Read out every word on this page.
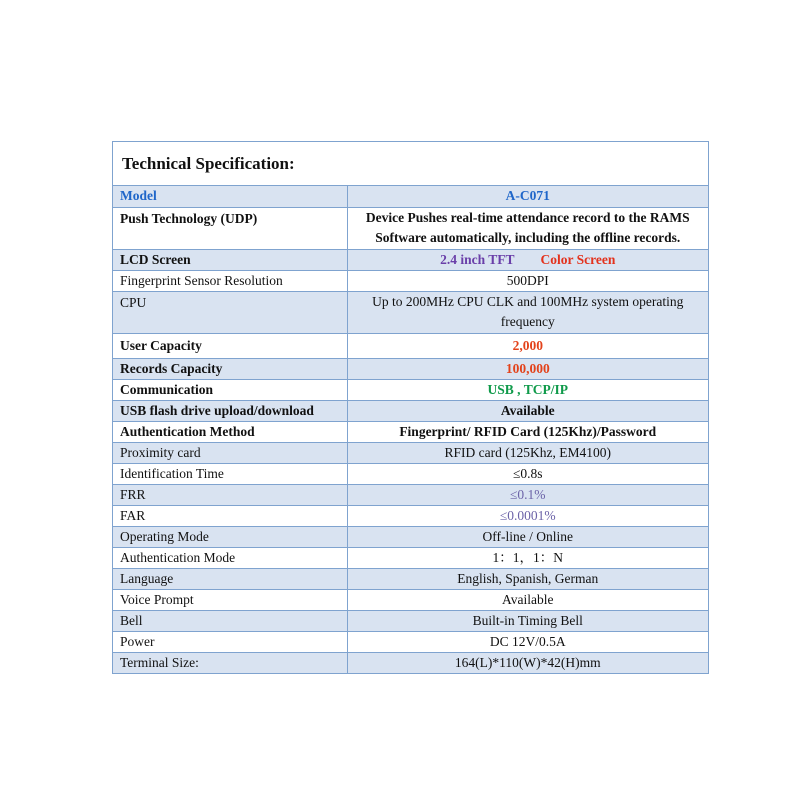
Technical Specification:
Model	A-C071
Push Technology (UDP)	Device Pushes real-time attendance record to the RAMS Software automatically, including the offline records.
LCD Screen	2.4 inch TFT Color Screen
Fingerprint Sensor Resolution	500DPI
CPU	Up to 200MHz CPU CLK and 100MHz system operating frequency
User Capacity	2,000
Records Capacity	100,000
Communication	USB , TCP/IP
USB flash drive upload/download	Available
Authentication Method	Fingerprint/ RFID Card (125Khz)/Password
Proximity card	RFID card (125Khz, EM4100)
Identification Time	≤0.8s
FRR	≤0.1%
FAR	≤0.0001%
Operating Mode	Off-line / Online
Authentication Mode	1：1，1：N
Language	English, Spanish, German
Voice Prompt	Available
Bell	Built-in Timing Bell
Power	DC 12V/0.5A
Terminal Size:	164(L)*110(W)*42(H)mm
